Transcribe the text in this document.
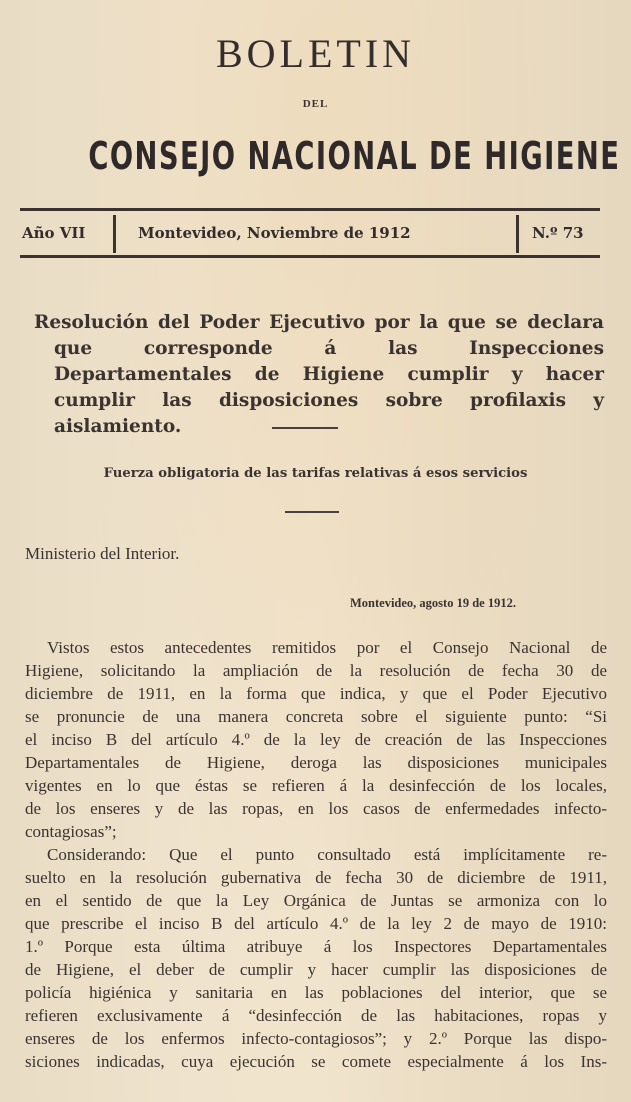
BOLETIN
DEL
CONSEJO NACIONAL DE HIGIENE
Año VII	Montevideo, Noviembre de 1912	N.º 73
Resolución del Poder Ejecutivo por la que se declara que corresponde á las Inspecciones Departamentales de Higiene cumplir y hacer cumplir las disposiciones sobre profilaxis y aislamiento.
Fuerza obligatoria de las tarifas relativas á esos servicios
Ministerio del Interior.
Montevideo, agosto 19 de 1912.
Vistos estos antecedentes remitidos por el Consejo Nacional de
Higiene, solicitando la ampliación de la resolución de fecha 30 de
diciembre de 1911, en la forma que indica, y que el Poder Ejecutivo
se pronuncie de una manera concreta sobre el siguiente punto: “Si
el inciso B del artículo 4.º de la ley de creación de las Inspecciones
Departamentales de Higiene, deroga las disposiciones municipales
vigentes en lo que éstas se refieren á la desinfección de los locales,
de los enseres y de las ropas, en los casos de enfermedades infecto-
contagiosas”;
Considerando: Que el punto consultado está implícitamente re-
suelto en la resolución gubernativa de fecha 30 de diciembre de 1911,
en el sentido de que la Ley Orgánica de Juntas se armoniza con lo
que prescribe el inciso B del artículo 4.º de la ley 2 de mayo de 1910:
1.º Porque esta última atribuye á los Inspectores Departamentales
de Higiene, el deber de cumplir y hacer cumplir las disposiciones de
policía higiénica y sanitaria en las poblaciones del interior, que se
refieren exclusivamente á “desinfección de las habitaciones, ropas y
enseres de los enfermos infecto-contagiosos”; y 2.º Porque las dispo-
siciones indicadas, cuya ejecución se comete especialmente á los Ins-
